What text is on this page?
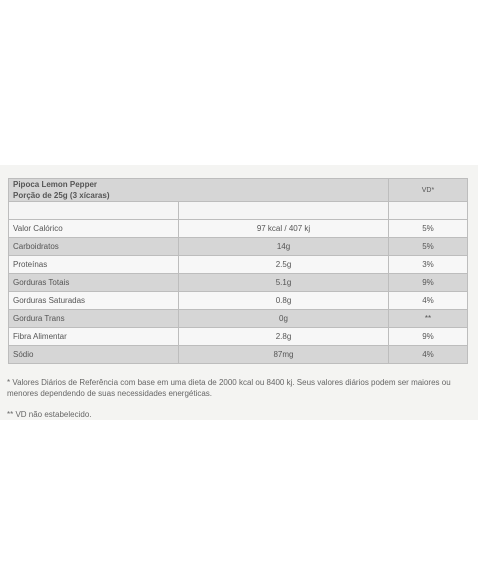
Pipoca Lemon Pepper
Porção de 25g (3 xícaras)		VD*

Valor Calórico	97 kcal / 407 kj	5%
Carboidratos	14g	5%
Proteínas	2.5g	3%
Gorduras Totais	5.1g	9%
Gorduras Saturadas	0.8g	4%
Gordura Trans	0g	**
Fibra Alimentar	2.8g	9%
Sódio	87mg	4%

* Valores Diários de Referência com base em uma dieta de 2000 kcal ou 8400 kj. Seus valores diários podem ser maiores ou menores dependendo de suas necessidades energéticas.

** VD não estabelecido.
